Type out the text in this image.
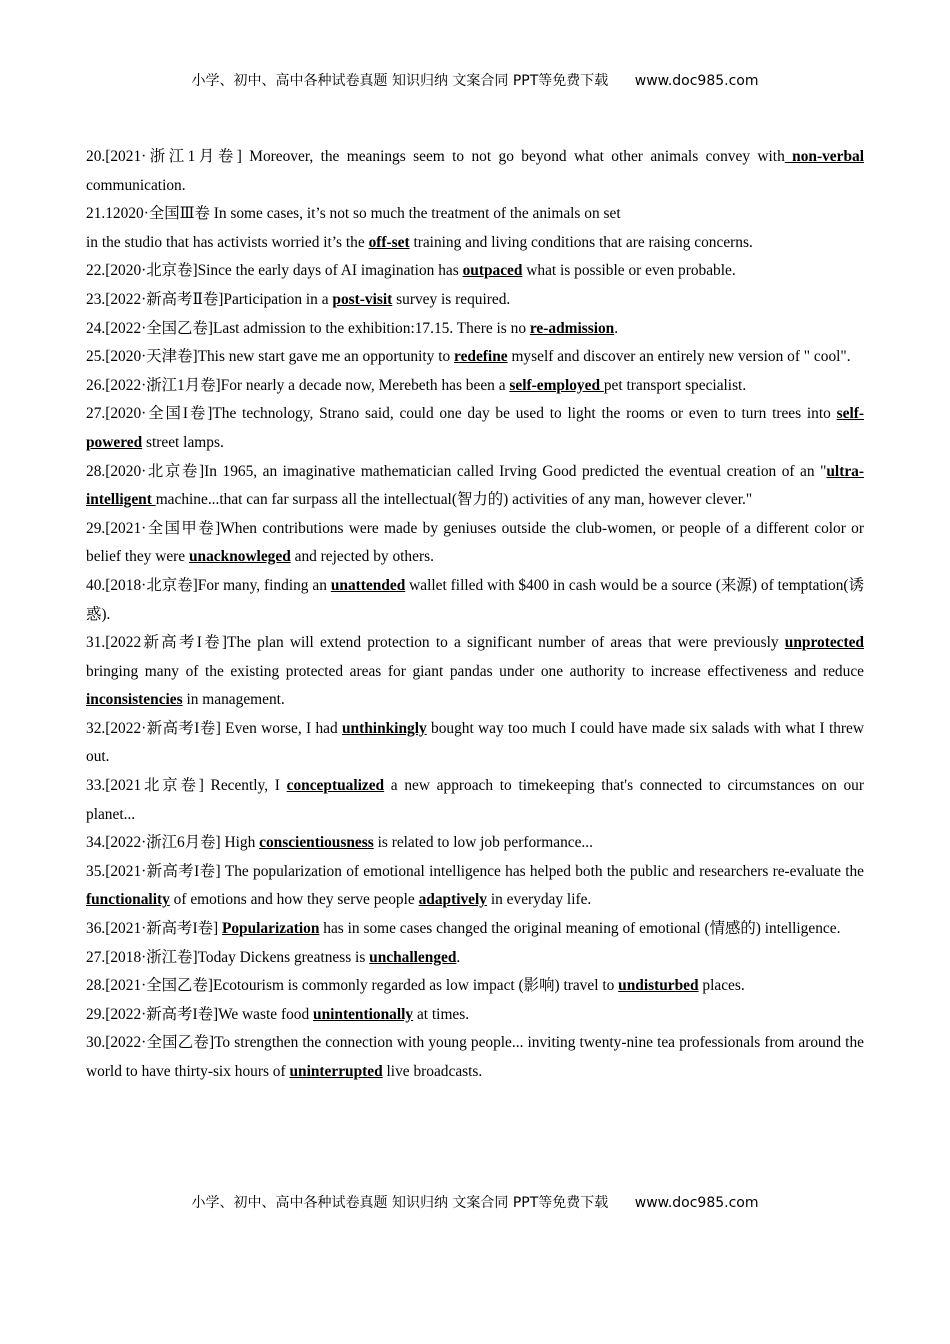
小学、初中、高中各种试卷真题 知识归纳 文案合同 PPT等免费下载 www.doc985.com

20.[2021·浙江1月卷] Moreover, the meanings seem to not go beyond what other animals convey with non-verbal communication.

21.12020·全国Ⅲ卷 In some cases, it’s not so much the treatment of the animals on set

in the studio that has activists worried it’s the off-set training and living conditions that are raising concerns.

22.[2020·北京卷]Since the early days of AI imagination has outpaced what is possible or even probable.

23.[2022·新高考Ⅱ卷]Participation in a post-visit survey is required.

24.[2022·全国乙卷]Last admission to the exhibition:17.15. There is no re-admission.

25.[2020·天津卷]This new start gave me an opportunity to redefine myself and discover an entirely new version of " cool".

26.[2022·浙江1月卷]For nearly a decade now, Merebeth has been a self-employed pet transport specialist.

27.[2020·全国I卷]The technology, Strano said, could one day be used to light the rooms or even to turn trees into self-powered street lamps.

28.[2020·北京卷]In 1965, an imaginative mathematician called Irving Good predicted the eventual creation of an "ultra-intelligent machine...that can far surpass all the intellectual(智力的) activities of any man, however clever."

29.[2021·全国甲卷]When contributions were made by geniuses outside the club-women, or people of a different color or belief they were unacknowleged and rejected by others.

40.[2018·北京卷]For many, finding an unattended wallet filled with $400 in cash would be a source (来源) of temptation(诱惑).

31.[2022新高考I卷]The plan will extend protection to a significant number of areas that were previously unprotected bringing many of the existing protected areas for giant pandas under one authority to increase effectiveness and reduce inconsistencies in management.

32.[2022·新高考I卷] Even worse, I had unthinkingly bought way too much I could have made six salads with what I threw out.

33.[2021北京卷] Recently, I conceptualized a new approach to timekeeping that's connected to circumstances on our planet...

34.[2022·浙江6月卷] High conscientiousness is related to low job performance...

35.[2021·新高考I卷] The popularization of emotional intelligence has helped both the public and researchers re-evaluate the functionality of emotions and how they serve people adaptively in everyday life.

36.[2021·新高考I卷] Popularization has in some cases changed the original meaning of emotional (情感的) intelligence.

27.[2018·浙江卷]Today Dickens greatness is unchallenged.

28.[2021·全国乙卷]Ecotourism is commonly regarded as low impact (影响) travel to undisturbed places.

29.[2022·新高考I卷]We waste food unintentionally at times.

30.[2022·全国乙卷]To strengthen the connection with young people... inviting twenty-nine tea professionals from around the world to have thirty-six hours of uninterrupted live broadcasts.

小学、初中、高中各种试卷真题 知识归纳 文案合同 PPT等免费下载 www.doc985.com
